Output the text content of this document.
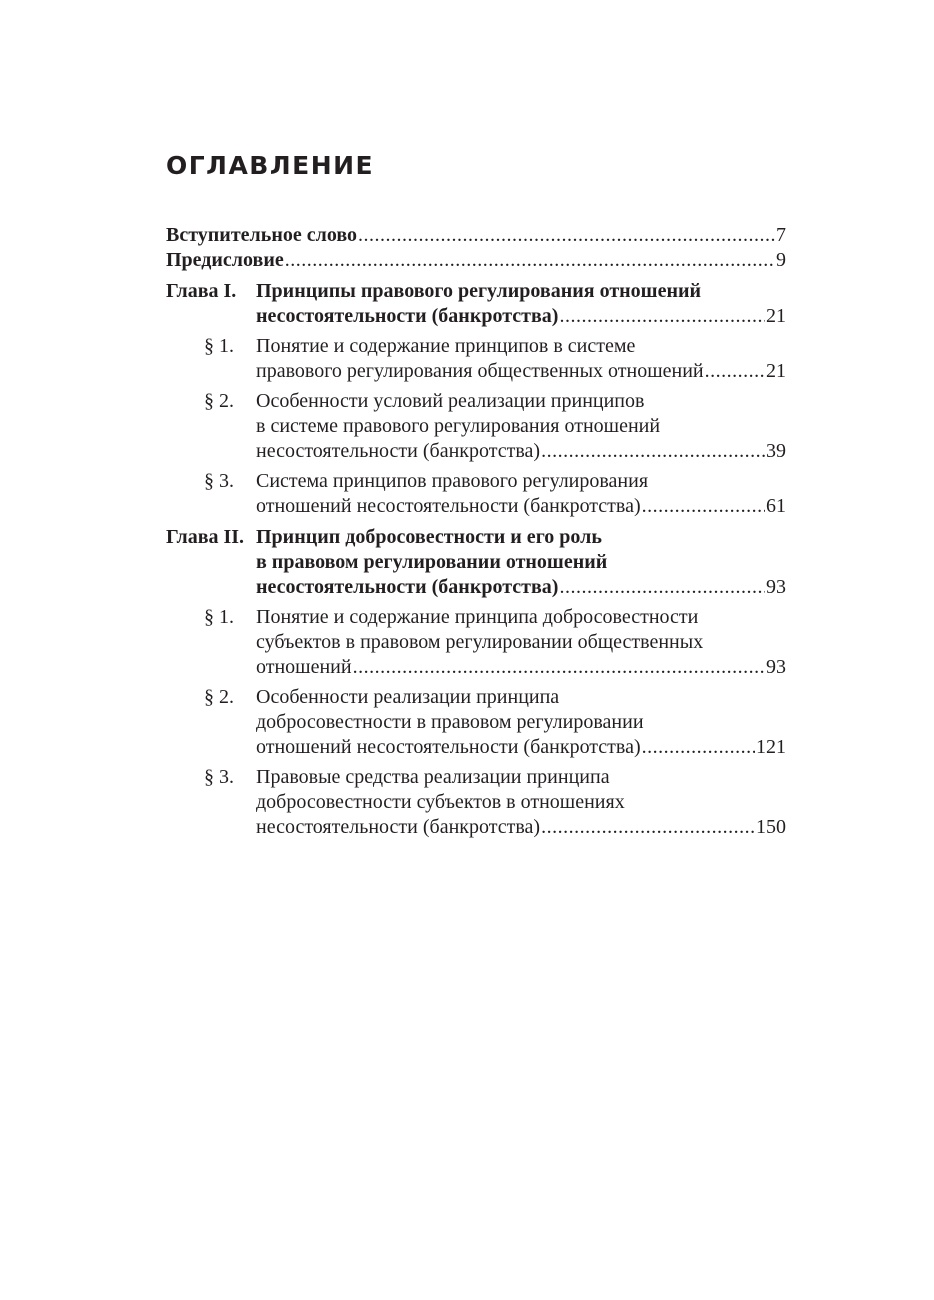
ОГЛАВЛЕНИЕ
Вступительное слово .....	7
Предисловие .....	9
Глава I. Принципы правового регулирования отношений
несостоятельности (банкротства) .....	21
§ 1. Понятие и содержание принципов в системе
правового регулирования общественных отношений .....	21
§ 2. Особенности условий реализации принципов
в системе правового регулирования отношений
несостоятельности (банкротства) .....	39
§ 3. Система принципов правового регулирования
отношений несостоятельности (банкротства) .....	61
Глава II. Принцип добросовестности и его роль
в правовом регулировании отношений
несостоятельности (банкротства) .....	93
§ 1. Понятие и содержание принципа добросовестности
субъектов в правовом регулировании общественных
отношений .....	93
§ 2. Особенности реализации принципа
добросовестности в правовом регулировании
отношений несостоятельности (банкротства) .....	121
§ 3. Правовые средства реализации принципа
добросовестности субъектов в отношениях
несостоятельности (банкротства) .....	150
